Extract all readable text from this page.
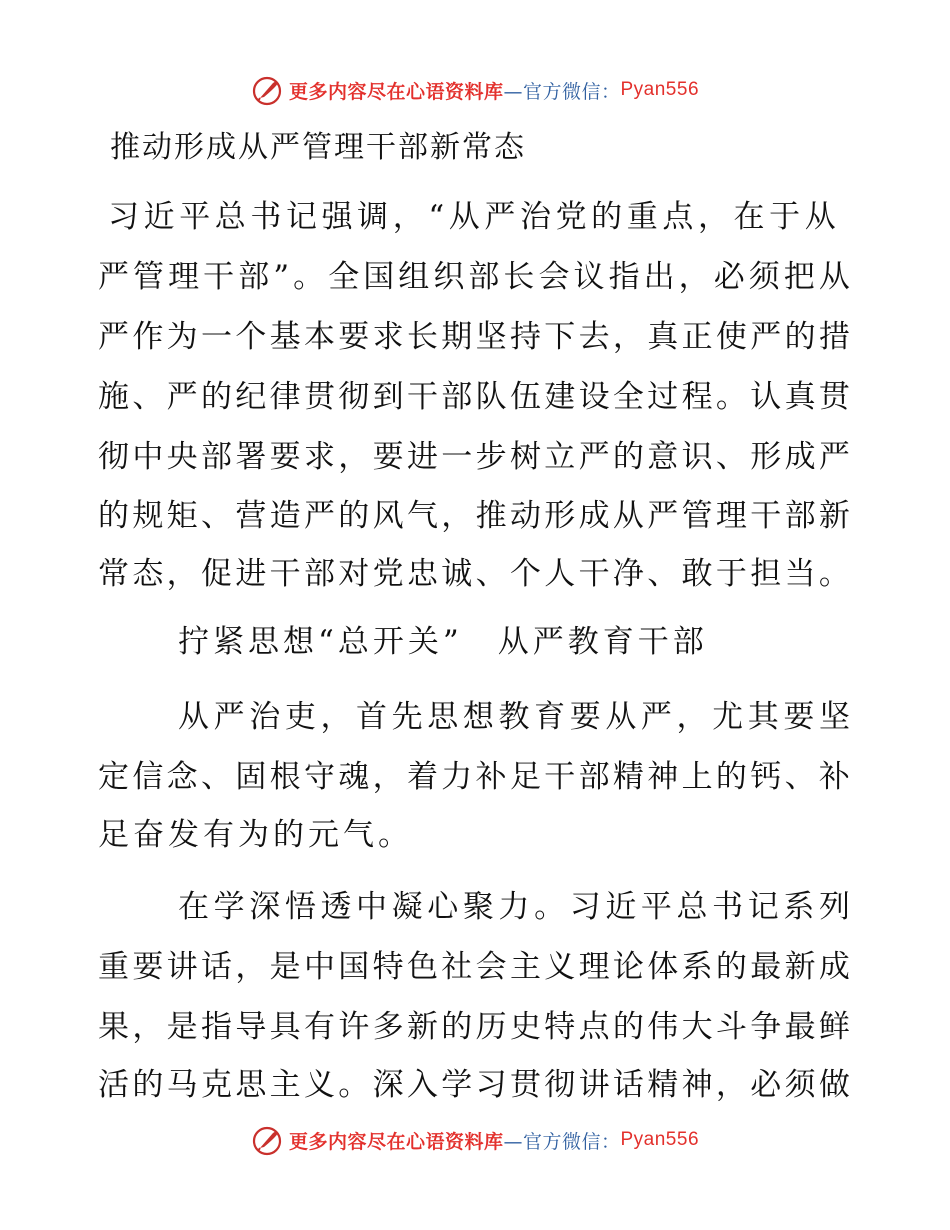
更多内容尽在心语资料库 —官方微信： Pyan556
推动形成从严管理干部新常态
习 近 平 总 书 记 强 调 ， “ 从 严 治 党 的 重 点 ， 在 于 从
严 管 理 干 部 ” 。 全 国 组 织 部 长 会 议 指 出 ， 必 须 把 从
严 作 为 一 个 基 本 要 求 长 期 坚 持 下 去 ， 真 正 使 严 的 措
施 、 严 的 纪 律 贯 彻 到 干 部 队 伍 建 设 全 过 程 。 认 真 贯
彻 中 央 部 署 要 求 ， 要 进 一 步 树 立 严 的 意 识 、 形 成 严
的 规 矩 、 营 造 严 的 风 气 ， 推 动 形 成 从 严 管 理 干 部 新
常 态 ， 促 进 干 部 对 党 忠 诚 、 个 人 干 净 、 敢 于 担 当 。
拧紧思想“总开关”　从严教育干部
从 严 治 吏 ， 首 先 思 想 教 育 要 从 严 ， 尤 其 要 坚
定 信 念 、 固 根 守 魂 ， 着 力 补 足 干 部 精 神 上 的 钙 、 补
足奋发有为的元气。
在 学 深 悟 透 中 凝 心 聚 力 。 习 近 平 总 书 记 系 列
重 要 讲 话 ， 是 中 国 特 色 社 会 主 义 理 论 体 系 的 最 新 成
果 ， 是 指 导 具 有 许 多 新 的 历 史 特 点 的 伟 大 斗 争 最 鲜
活 的 马 克 思 主 义 。 深 入 学 习 贯 彻 讲 话 精 神 ， 必 须 做
更多内容尽在心语资料库 —官方微信： Pyan556
